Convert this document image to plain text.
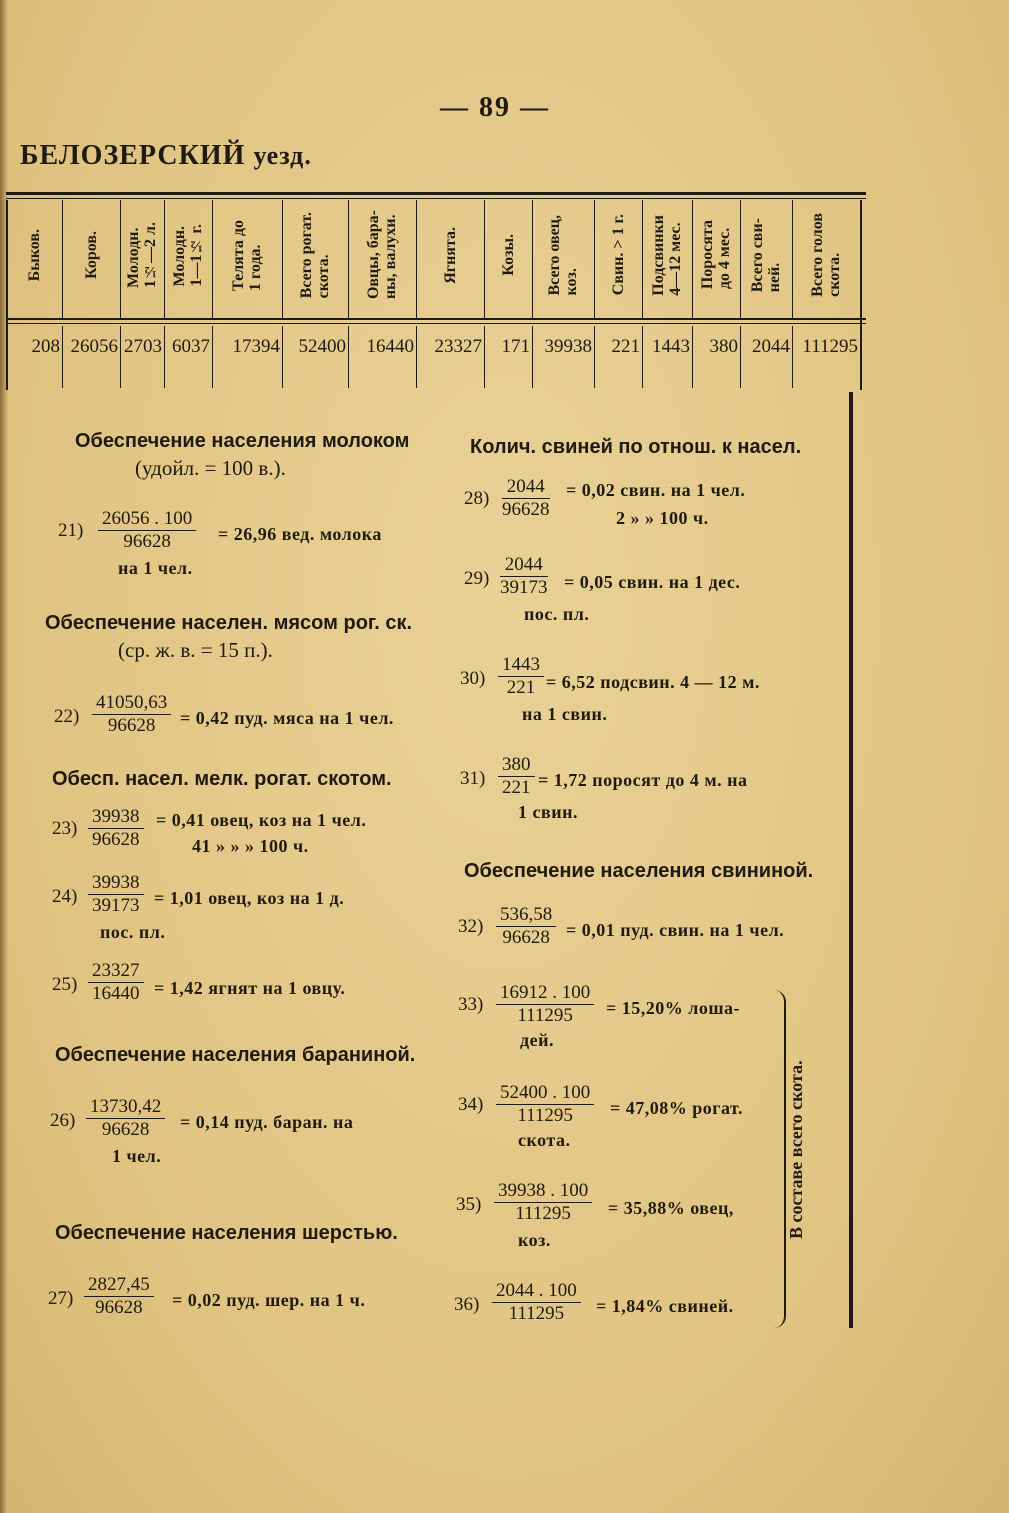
— 89 —
БЕЛОЗЕРСКИЙ уезд.
Быков.
208
Коров.
26056
Молодн.
1½—2 л.
2703
Молодн.
1—1½ г.
6037
Телята до
1 года.
17394
Всего рогат.
скота.
52400
Овцы, бара-
ны, валухи.
16440
Ягнята.
23327
Козы.
171
Всего овец,
коз.
39938
Свин. > 1 г.
221
Подсвинки
4—12 мес.
1443
Поросята
до 4 мес.
380
Всего сви-
ней.
2044
Всего голов
скота.
111295
Обеспечение населения молоком
(удойл. = 100 в.).
$21) \frac{26056 . 100}{96628} = 26,96$ вед. молока
на 1 чел.
Обеспечение населен. мясом рог. ск.
(ср. ж. в. = 15 п.).
$22) \frac{41050,63}{96628} = 0,42$ пуд. мяса на 1 чел.
Обесп. насел. мелк. рогат. скотом.
$23) \frac{39938}{96628} = 0,41$ овец, коз на 1 чел.
41 » » » 100 ч.
$24) \frac{39938}{39173} = 1,01$ овец, коз на 1 д.
пос. пл.
$25) \frac{23327}{16440} = 1,42$ ягнят на 1 овцу.
Обеспечение населения бараниной.
$26) \frac{13730,42}{96628} = 0,14$ пуд. баран. на
1 чел.
Обеспечение населения шерстью.
$27) \frac{2827,45}{96628} = 0,02$ пуд. шер. на 1 ч.
Колич. свиней по отнош. к насел.
$28) \frac{2044}{96628} = 0,02$ свин. на 1 чел.
2 » » 100 ч.
$29) \frac{2044}{39173} = 0,05$ свин. на 1 дес.
пос. пл.
$30) \frac{1443}{221} = 6,52$ подсвин. 4 — 12 м.
на 1 свин.
$31) \frac{380}{221} = 1,72$ поросят до 4 м. на
1 свин.
Обеспечение населения свининой.
$32) \frac{536,58}{96628} = 0,01$ пуд. свин. на 1 чел.
$33) \frac{16912 . 100}{111295} = 15,20\%$ лоша-
дей.
$34) \frac{52400 . 100}{111295} = 47,08\%$ рогат.
скота.
$35) \frac{39938 . 100}{111295} = 35,88\%$ овец,
коз.
$36) \frac{2044 . 100}{111295} = 1,84\%$ свиней.
В составе всего скота.
